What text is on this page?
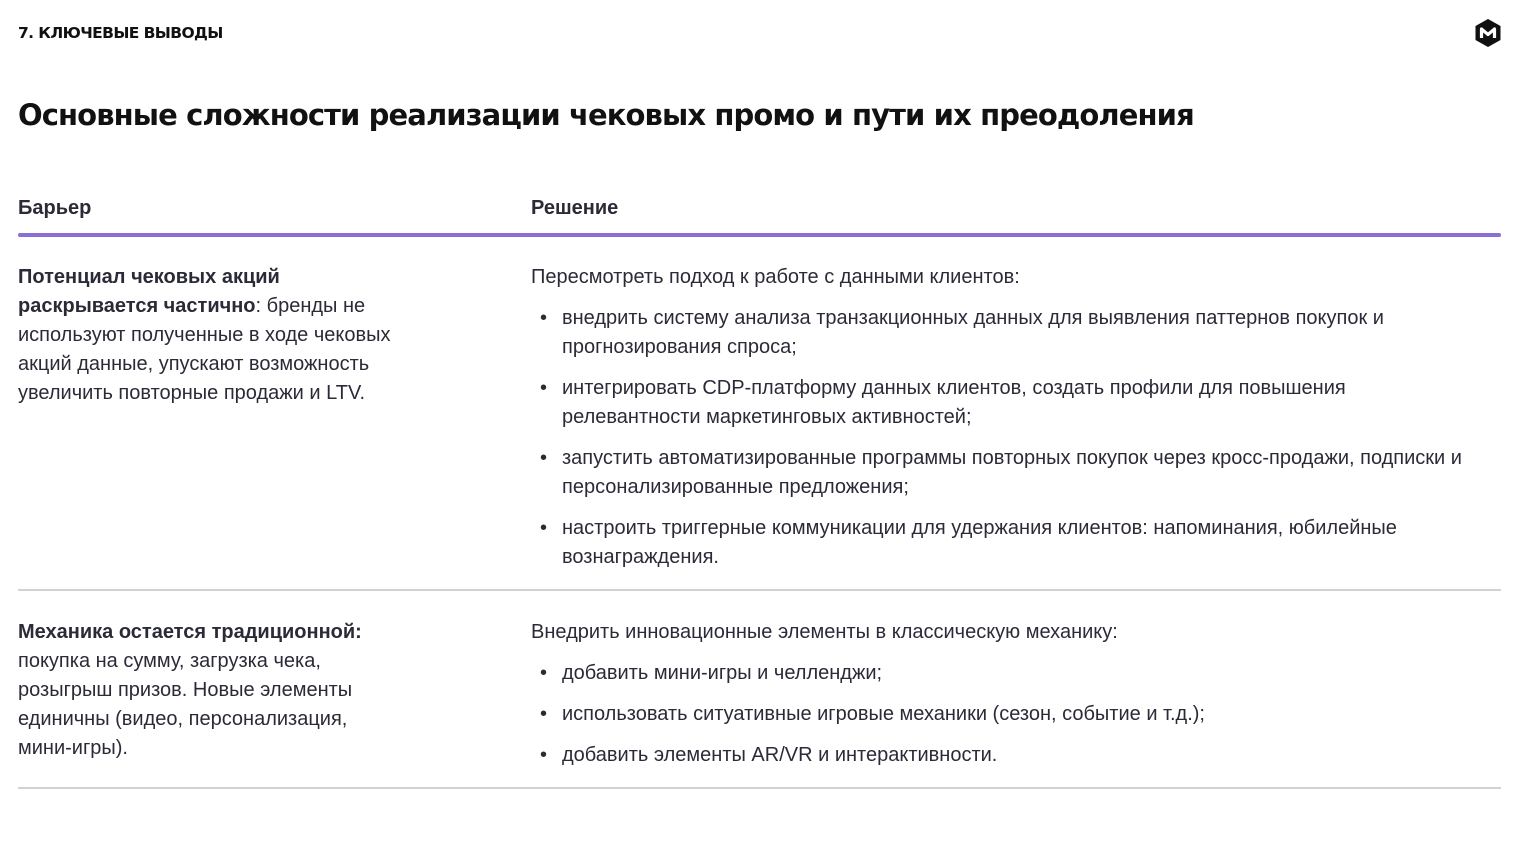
7. КЛЮЧЕВЫЕ ВЫВОДЫ
Основные сложности реализации чековых промо и пути их преодоления
Барьер	Решение
Потенциал чековых акций раскрывается частично: бренды не используют полученные в ходе чековых акций данные, упускают возможность увеличить повторные продажи и LTV.
Пересмотреть подход к работе с данными клиентов:
• внедрить систему анализа транзакционных данных для выявления паттернов покупок и прогнозирования спроса;
• интегрировать CDP-платформу данных клиентов, создать профили для повышения релевантности маркетинговых активностей;
• запустить автоматизированные программы повторных покупок через кросс-продажи, подписки и персонализированные предложения;
• настроить триггерные коммуникации для удержания клиентов: напоминания, юбилейные вознаграждения.
Механика остается традиционной: покупка на сумму, загрузка чека, розыгрыш призов. Новые элементы единичны (видео, персонализация, мини-игры).
Внедрить инновационные элементы в классическую механику:
• добавить мини-игры и челленджи;
• использовать ситуативные игровые механики (сезон, событие и т.д.);
• добавить элементы AR/VR и интерактивности.
